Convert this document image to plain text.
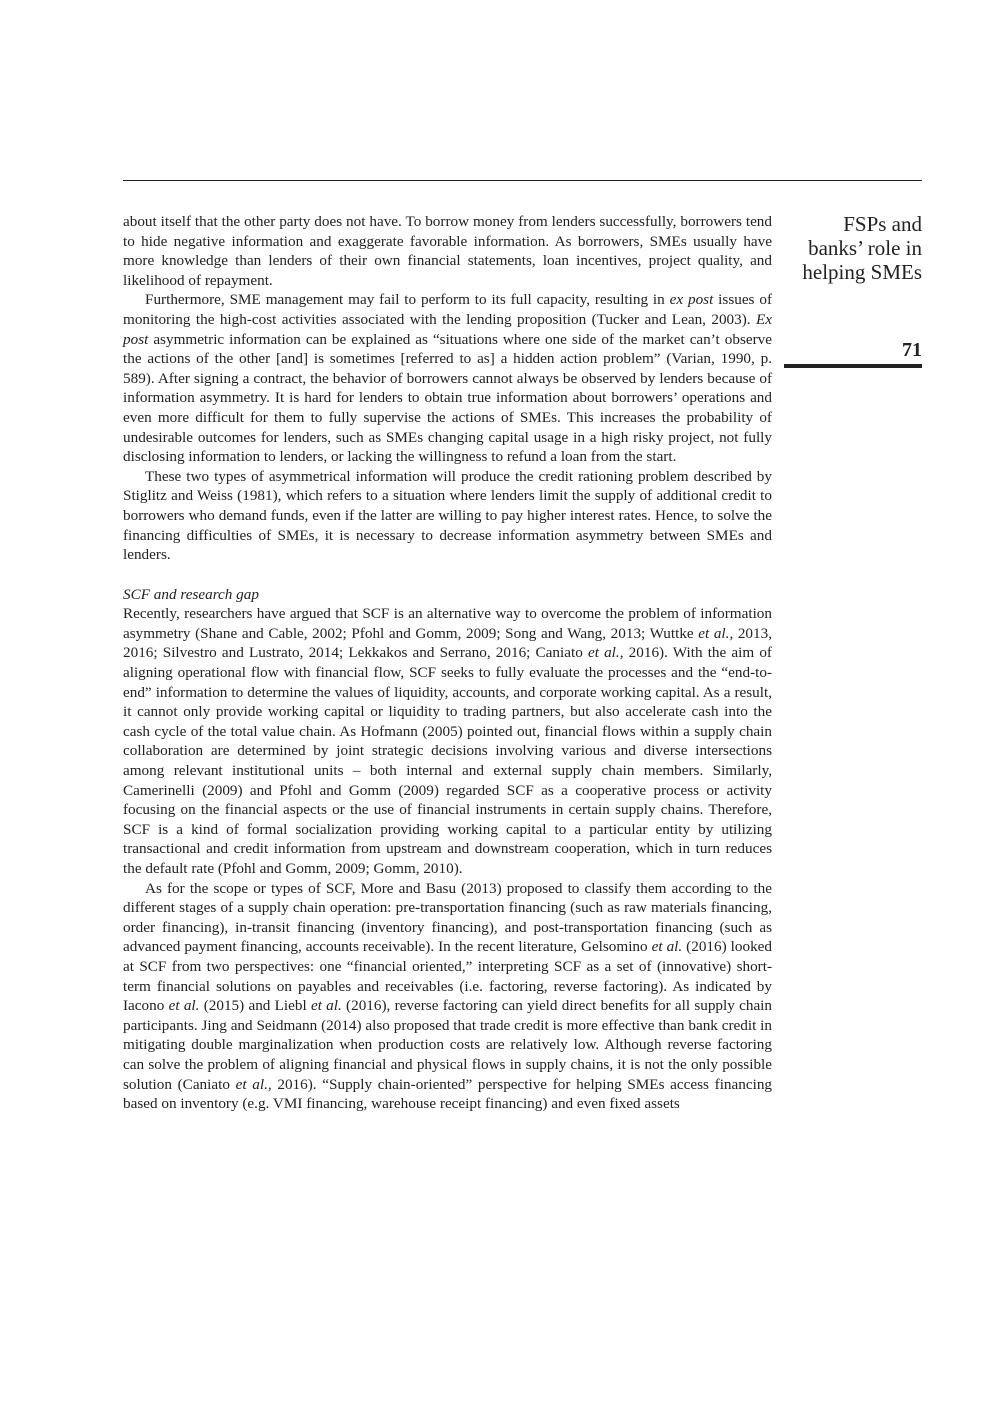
FSPs and
banks’ role in
helping SMEs
71

about itself that the other party does not have. To borrow money from lenders successfully, borrowers tend to hide negative information and exaggerate favorable information. As borrowers, SMEs usually have more knowledge than lenders of their own financial statements, loan incentives, project quality, and likelihood of repayment.

Furthermore, SME management may fail to perform to its full capacity, resulting in ex post issues of monitoring the high-cost activities associated with the lending proposition (Tucker and Lean, 2003). Ex post asymmetric information can be explained as “situations where one side of the market can’t observe the actions of the other [and] is sometimes [referred to as] a hidden action problem” (Varian, 1990, p. 589). After signing a contract, the behavior of borrowers cannot always be observed by lenders because of information asymmetry. It is hard for lenders to obtain true information about borrowers’ operations and even more difficult for them to fully supervise the actions of SMEs. This increases the probability of undesirable outcomes for lenders, such as SMEs changing capital usage in a high risky project, not fully disclosing information to lenders, or lacking the willingness to refund a loan from the start.

These two types of asymmetrical information will produce the credit rationing problem described by Stiglitz and Weiss (1981), which refers to a situation where lenders limit the supply of additional credit to borrowers who demand funds, even if the latter are willing to pay higher interest rates. Hence, to solve the financing difficulties of SMEs, it is necessary to decrease information asymmetry between SMEs and lenders.

SCF and research gap

Recently, researchers have argued that SCF is an alternative way to overcome the problem of information asymmetry (Shane and Cable, 2002; Pfohl and Gomm, 2009; Song and Wang, 2013; Wuttke et al., 2013, 2016; Silvestro and Lustrato, 2014; Lekkakos and Serrano, 2016; Caniato et al., 2016). With the aim of aligning operational flow with financial flow, SCF seeks to fully evaluate the processes and the “end-to-end” information to determine the values of liquidity, accounts, and corporate working capital. As a result, it cannot only provide working capital or liquidity to trading partners, but also accelerate cash into the cash cycle of the total value chain. As Hofmann (2005) pointed out, financial flows within a supply chain collaboration are determined by joint strategic decisions involving various and diverse intersections among relevant institutional units – both internal and external supply chain members. Similarly, Camerinelli (2009) and Pfohl and Gomm (2009) regarded SCF as a cooperative process or activity focusing on the financial aspects or the use of financial instruments in certain supply chains. Therefore, SCF is a kind of formal socialization providing working capital to a particular entity by utilizing transactional and credit information from upstream and downstream cooperation, which in turn reduces the default rate (Pfohl and Gomm, 2009; Gomm, 2010).

As for the scope or types of SCF, More and Basu (2013) proposed to classify them according to the different stages of a supply chain operation: pre-transportation financing (such as raw materials financing, order financing), in-transit financing (inventory financing), and post-transportation financing (such as advanced payment financing, accounts receivable). In the recent literature, Gelsomino et al. (2016) looked at SCF from two perspectives: one “financial oriented,” interpreting SCF as a set of (innovative) short-term financial solutions on payables and receivables (i.e. factoring, reverse factoring). As indicated by Iacono et al. (2015) and Liebl et al. (2016), reverse factoring can yield direct benefits for all supply chain participants. Jing and Seidmann (2014) also proposed that trade credit is more effective than bank credit in mitigating double marginalization when production costs are relatively low. Although reverse factoring can solve the problem of aligning financial and physical flows in supply chains, it is not the only possible solution (Caniato et al., 2016). “Supply chain-oriented” perspective for helping SMEs access financing based on inventory (e.g. VMI financing, warehouse receipt financing) and even fixed assets
